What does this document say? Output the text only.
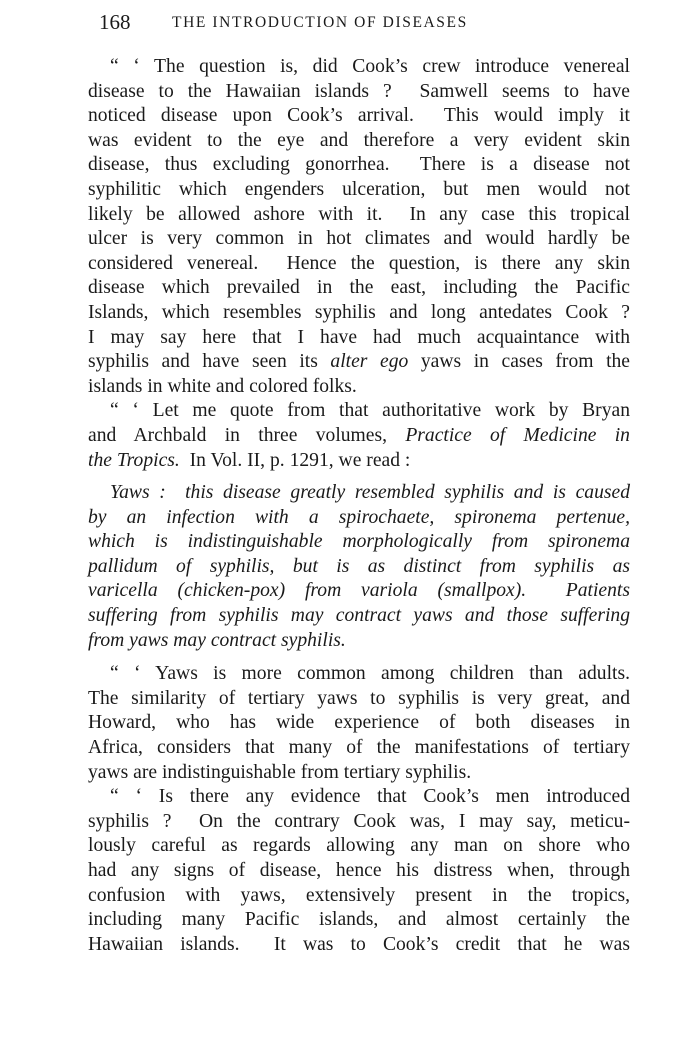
168	THE INTRODUCTION OF DISEASES
“ ‘ The question is, did Cook’s crew introduce venereal
disease to the Hawaiian islands ?  Samwell seems to have
noticed disease upon Cook’s arrival.  This would imply it
was evident to the eye and therefore a very evident skin
disease, thus excluding gonorrhea.  There is a disease not
syphilitic which engenders ulceration, but men would not
likely be allowed ashore with it.  In any case this tropical
ulcer is very common in hot climates and would hardly be
considered venereal.  Hence the question, is there any skin
disease which prevailed in the east, including the Pacific
Islands, which resembles syphilis and long antedates Cook ?
I may say here that I have had much acquaintance with
syphilis and have seen its alter ego yaws in cases from the
islands in white and colored folks.
“ ‘ Let me quote from that authoritative work by Bryan
and Archbald in three volumes, Practice of Medicine in
the Tropics.  In Vol. II, p. 1291, we read :
Yaws :  this disease greatly resembled syphilis and is caused
by an infection with a spirochaete, spironema pertenue,
which is indistinguishable morphologically from spironema
pallidum of syphilis, but is as distinct from syphilis as
varicella (chicken-pox) from variola (smallpox).  Patients
suffering from syphilis may contract yaws and those suffering
from yaws may contract syphilis.
“ ‘ Yaws is more common among children than adults.
The similarity of tertiary yaws to syphilis is very great, and
Howard, who has wide experience of both diseases in
Africa, considers that many of the manifestations of tertiary
yaws are indistinguishable from tertiary syphilis.
“ ‘ Is there any evidence that Cook’s men introduced
syphilis ?  On the contrary Cook was, I may say, meticu-
lously careful as regards allowing any man on shore who
had any signs of disease, hence his distress when, through
confusion with yaws, extensively present in the tropics,
including many Pacific islands, and almost certainly the
Hawaiian islands.  It was to Cook’s credit that he was
